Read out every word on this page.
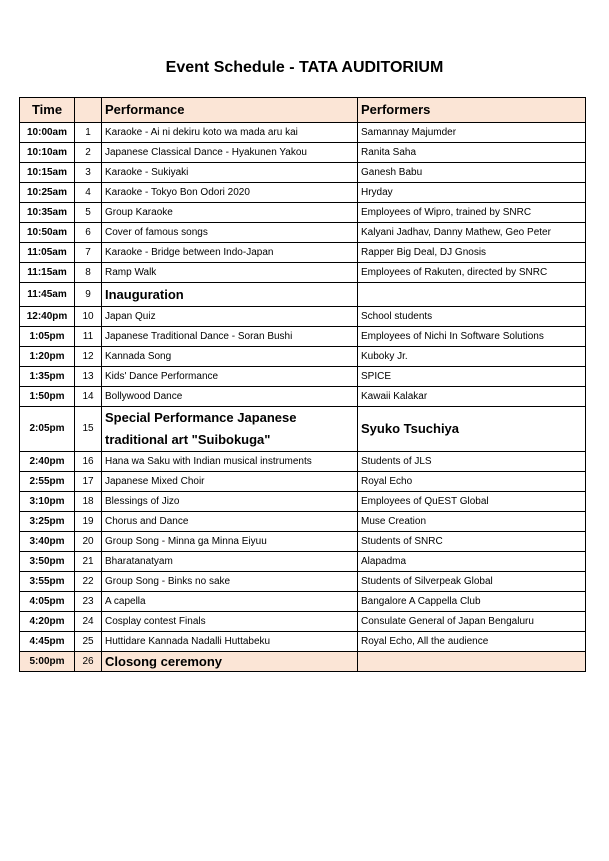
Event Schedule - TATA AUDITORIUM
Time		Performance	Performers
10:00am	1	Karaoke - Ai ni dekiru koto wa mada aru kai	Samannay Majumder
10:10am	2	Japanese Classical Dance - Hyakunen Yakou	Ranita Saha
10:15am	3	Karaoke - Sukiyaki	Ganesh Babu
10:25am	4	Karaoke - Tokyo Bon Odori 2020	Hryday
10:35am	5	Group Karaoke	Employees of Wipro, trained by SNRC
10:50am	6	Cover of famous songs	Kalyani Jadhav, Danny Mathew, Geo Peter
11:05am	7	Karaoke - Bridge between Indo-Japan	Rapper Big Deal, DJ Gnosis
11:15am	8	Ramp Walk	Employees of Rakuten, directed by SNRC
11:45am	9	Inauguration	
12:40pm	10	Japan Quiz	School students
1:05pm	11	Japanese Traditional Dance - Soran Bushi	Employees of Nichi In Software Solutions
1:20pm	12	Kannada Song	Kuboky Jr.
1:35pm	13	Kids' Dance Performance	SPICE
1:50pm	14	Bollywood Dance	Kawaii Kalakar
2:05pm	15	Special Performance Japanese traditional art "Suibokuga"	Syuko Tsuchiya
2:40pm	16	Hana wa Saku with Indian musical instruments	Students of JLS
2:55pm	17	Japanese Mixed Choir	Royal Echo
3:10pm	18	Blessings of Jizo	Employees of QuEST Global
3:25pm	19	Chorus and Dance	Muse Creation
3:40pm	20	Group Song - Minna ga Minna Eiyuu	Students of SNRC
3:50pm	21	Bharatanatyam	Alapadma
3:55pm	22	Group Song - Binks no sake	Students of Silverpeak Global
4:05pm	23	A capella	Bangalore A Cappella Club
4:20pm	24	Cosplay contest Finals	Consulate General of Japan Bengaluru
4:45pm	25	Huttidare Kannada Nadalli Huttabeku	Royal Echo, All the audience
5:00pm	26	Closong ceremony	
